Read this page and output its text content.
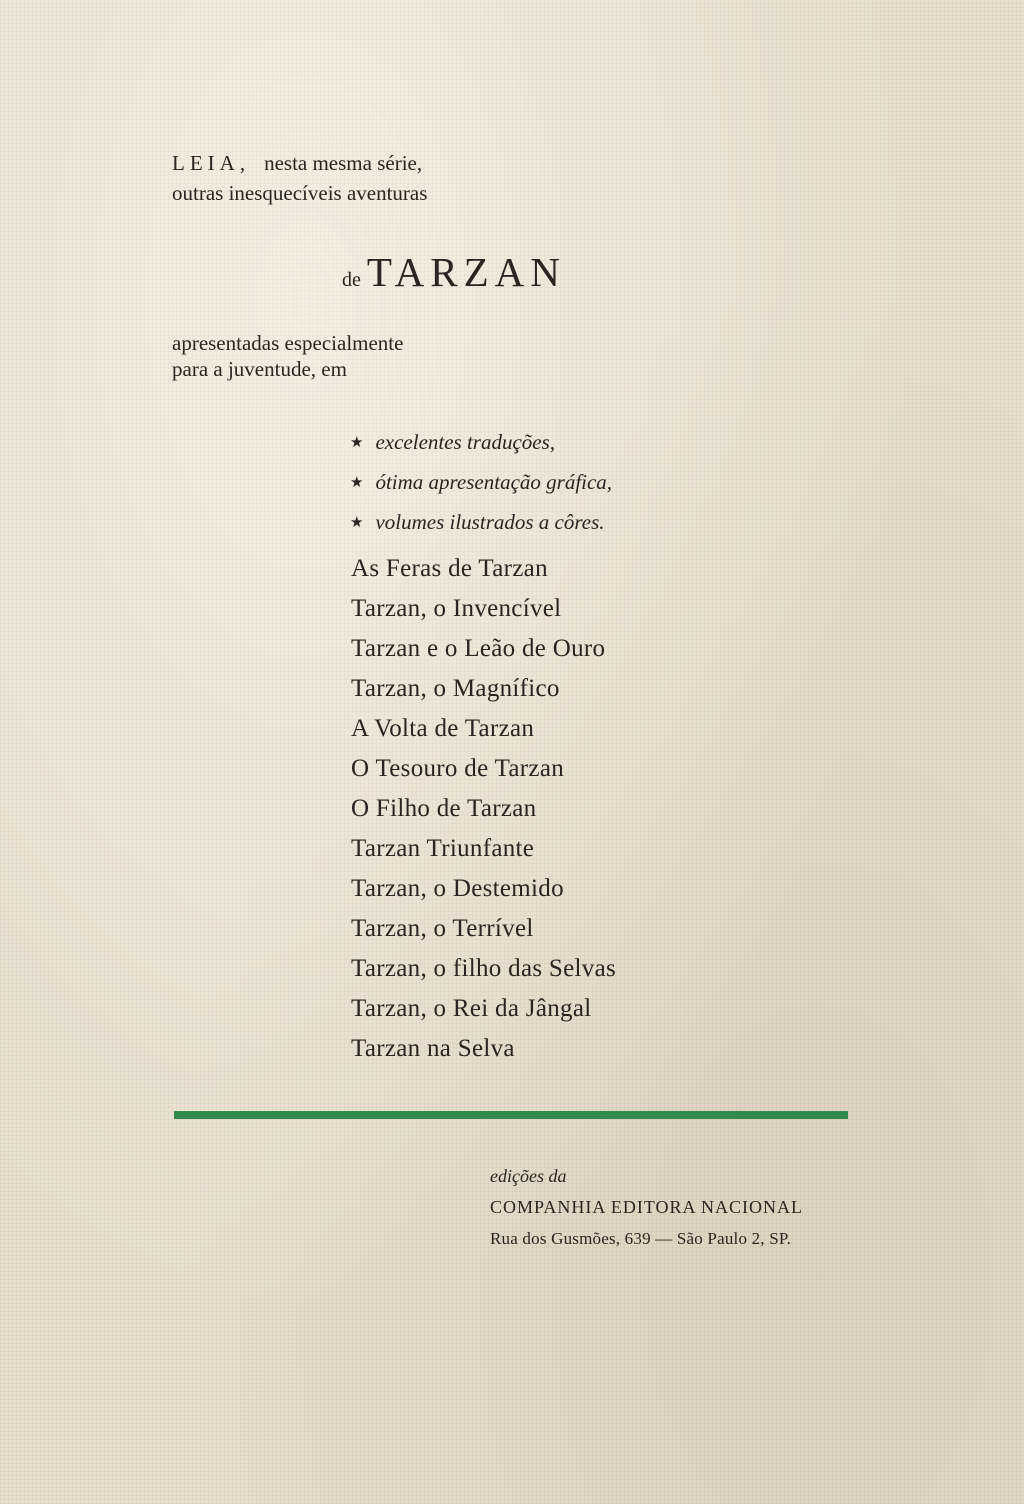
LEIA, nesta mesma série,
outras inesquecíveis aventuras
de TARZAN
apresentadas especialmente
para a juventude, em
★ excelentes traduções,
★ ótima apresentação gráfica,
★ volumes ilustrados a côres.
As Feras de Tarzan
Tarzan, o Invencível
Tarzan e o Leão de Ouro
Tarzan, o Magnífico
A Volta de Tarzan
O Tesouro de Tarzan
O Filho de Tarzan
Tarzan Triunfante
Tarzan, o Destemido
Tarzan, o Terrível
Tarzan, o filho das Selvas
Tarzan, o Rei da Jângal
Tarzan na Selva
edições da
COMPANHIA EDITORA NACIONAL
Rua dos Gusmões, 639 — São Paulo 2, SP.
